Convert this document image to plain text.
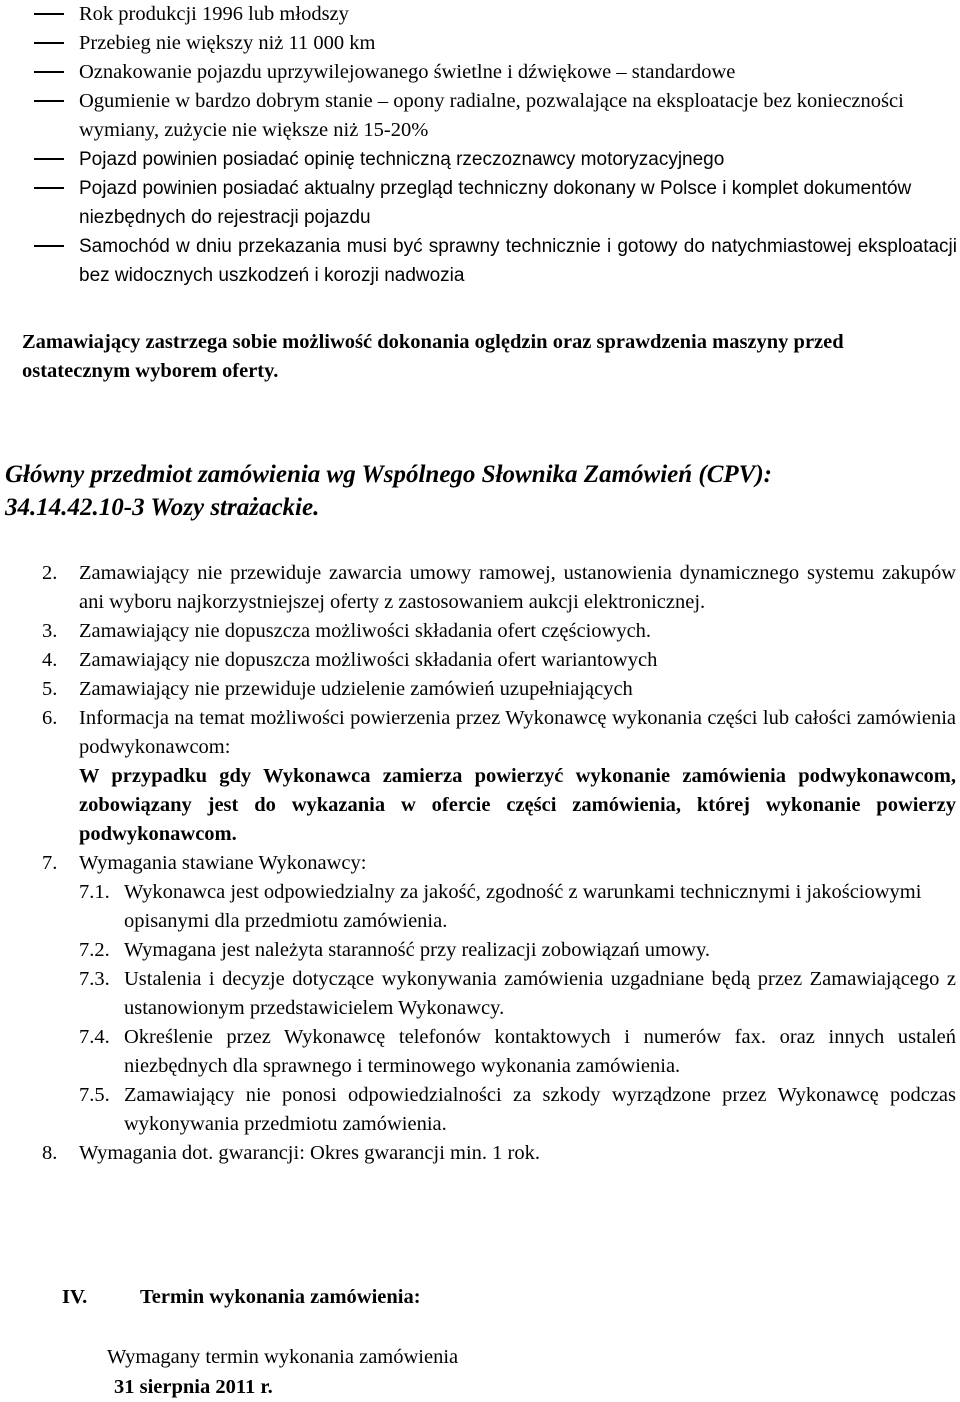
Rok produkcji 1996 lub młodszy
Przebieg nie większy niż 11 000 km
Oznakowanie pojazdu uprzywilejowanego świetlne i dźwiękowe – standardowe
Ogumienie w bardzo dobrym stanie – opony radialne, pozwalające na eksploatacje bez konieczności wymiany, zużycie nie większe niż 15-20%
Pojazd powinien posiadać opinię techniczną rzeczoznawcy motoryzacyjnego
Pojazd powinien posiadać aktualny przegląd techniczny dokonany w Polsce i komplet dokumentów niezbędnych do rejestracji pojazdu
Samochód w dniu przekazania musi być sprawny technicznie i gotowy do natychmiastowej eksploatacji bez widocznych uszkodzeń i korozji nadwozia
Zamawiający zastrzega sobie możliwość dokonania oględzin oraz sprawdzenia maszyny przed ostatecznym wyborem oferty.
Główny przedmiot zamówienia wg Wspólnego Słownika Zamówień (CPV):
34.14.42.10-3 Wozy strażackie.
2. Zamawiający nie przewiduje zawarcia umowy ramowej, ustanowienia dynamicznego systemu zakupów ani wyboru najkorzystniejszej oferty z zastosowaniem aukcji elektronicznej.
3. Zamawiający nie dopuszcza możliwości składania ofert częściowych.
4. Zamawiający nie dopuszcza możliwości składania ofert wariantowych
5. Zamawiający nie przewiduje udzielenie zamówień uzupełniających
6. Informacja na temat możliwości powierzenia przez Wykonawcę wykonania części lub całości zamówienia podwykonawcom:
W przypadku gdy Wykonawca zamierza powierzyć wykonanie zamówienia podwykonawcom, zobowiązany jest do wykazania w ofercie części zamówienia, której wykonanie powierzy podwykonawcom.
7. Wymagania stawiane Wykonawcy:
7.1. Wykonawca jest odpowiedzialny za jakość, zgodność z warunkami technicznymi i jakościowymi opisanymi dla przedmiotu zamówienia.
7.2. Wymagana jest należyta staranność przy realizacji zobowiązań umowy.
7.3. Ustalenia i decyzje dotyczące wykonywania zamówienia uzgadniane będą przez Zamawiającego z ustanowionym przedstawicielem Wykonawcy.
7.4. Określenie przez Wykonawcę telefonów kontaktowych i numerów fax. oraz innych ustaleń niezbędnych dla sprawnego i terminowego wykonania zamówienia.
7.5. Zamawiający nie ponosi odpowiedzialności za szkody wyrządzone przez Wykonawcę podczas wykonywania przedmiotu zamówienia.
8. Wymagania dot. gwarancji: Okres gwarancji min. 1 rok.
IV.	Termin wykonania zamówienia:
Wymagany termin wykonania zamówienia
31 sierpnia 2011 r.
